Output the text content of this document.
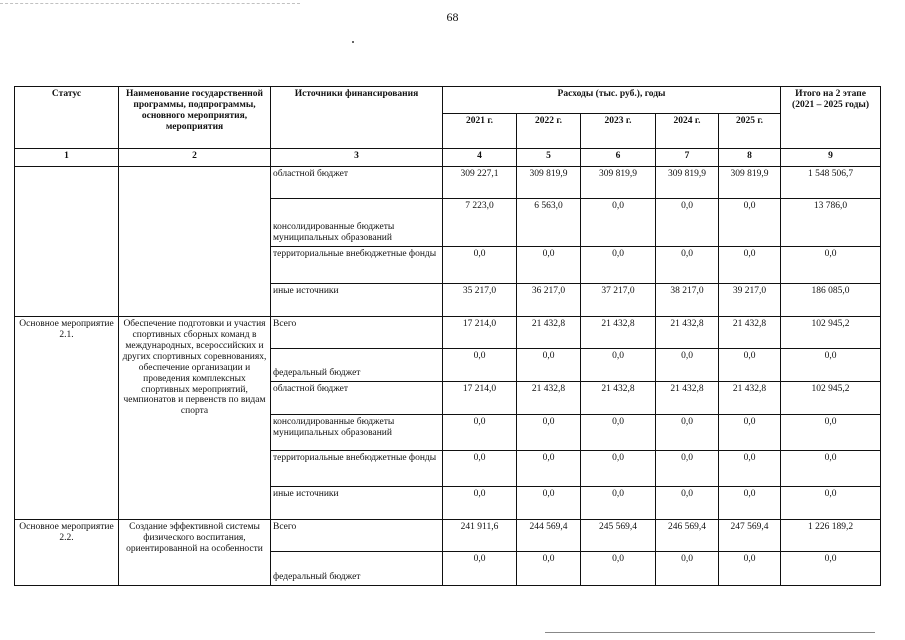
68
Статус	Наименование государственной программы, подпрограммы, основного мероприятия, мероприятия	Источники финансирования	Расходы (тыс. руб.), годы					Итого на 2 этапе
(2021 – 2025 годы)
			2021 г.	2022 г.	2023 г.	2024 г.	2025 г.	
1	2	3	4	5	6	7	8	9
		областной бюджет	309 227,1	309 819,9	309 819,9	309 819,9	309 819,9	1 548 506,7
		консолидированные бюджеты муниципальных образований	7 223,0	6 563,0	0,0	0,0	0,0	13 786,0
		территориальные внебюджетные фонды	0,0	0,0	0,0	0,0	0,0	0,0
		иные источники	35 217,0	36 217,0	37 217,0	38 217,0	39 217,0	186 085,0
Основное мероприятие 2.1.	Обеспечение подготовки и участия спортивных сборных команд в международных, всероссийских и других спортивных соревнованиях, обеспечение организации и проведения комплексных спортивных мероприятий, чемпионатов и первенств по видам спорта	Всего	17 214,0	21 432,8	21 432,8	21 432,8	21 432,8	102 945,2
		федеральный бюджет	0,0	0,0	0,0	0,0	0,0	0,0
		областной бюджет	17 214,0	21 432,8	21 432,8	21 432,8	21 432,8	102 945,2
		консолидированные бюджеты муниципальных образований	0,0	0,0	0,0	0,0	0,0	0,0
		территориальные внебюджетные фонды	0,0	0,0	0,0	0,0	0,0	0,0
		иные источники	0,0	0,0	0,0	0,0	0,0	0,0
Основное мероприятие 2.2.	Создание эффективной системы физического воспитания, ориентированной на особенности	Всего	241 911,6	244 569,4	245 569,4	246 569,4	247 569,4	1 226 189,2
		федеральный бюджет	0,0	0,0	0,0	0,0	0,0	0,0
